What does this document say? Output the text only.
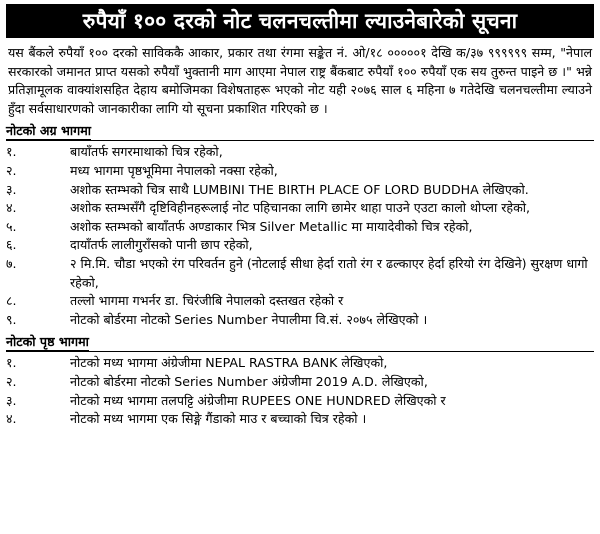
रुपैयाँ १०० दरको नोट चलनचल्तीमा ल्याउनेबारेको सूचना
यस बैंकले रुपैयाँ १०० दरको साविककै आकार, प्रकार तथा रंगमा सङ्केत नं. ओ/१८ ०००००१ देखि क/३७ ९९९९९९ सम्म, "नेपाल सरकारको जमानत प्राप्त यसको रुपैयाँ भुक्तानी माग आएमा नेपाल राष्ट्र बैंकबाट रुपैयाँ १०० रुपैयाँ एक सय तुरुन्त पाइने छ ।" भन्ने प्रतिज्ञामूलक वाक्यांशसहित देहाय बमोजिमका विशेषताहरू भएको नोट यही २०७६ साल ६ महिना ७ गतेदेखि चलनचल्तीमा ल्याउने हुँदा सर्वसाधारणको जानकारीका लागि यो सूचना प्रकाशित गरिएको छ ।
नोटको अग्र भागमा
१.	बायाँतर्फ सगरमाथाको चित्र रहेको,
२.	मध्य भागमा पृष्ठभूमिमा नेपालको नक्सा रहेको,
३.	अशोक स्तम्भको चित्र साथै LUMBINI THE BIRTH PLACE OF LORD BUDDHA लेखिएको.
४.	अशोक स्तम्भसँगै दृष्टिविहीनहरूलाई नोट पहिचानका लागि छामेर थाहा पाउने एउटा कालो थोप्ला रहेको,
५.	अशोक स्तम्भको बायाँतर्फ अण्डाकार भित्र Silver Metallic मा मायादेवीको चित्र रहेको,
६.	दायाँतर्फ लालीगुराँसको पानी छाप रहेको,
७.	२ मि.मि. चौडा भएको रंग परिवर्तन हुने (नोटलाई सीधा हेर्दा रातो रंग र ढल्काएर हेर्दा हरियो रंग देखिने) सुरक्षण धागो रहेको,
८.	तल्लो भागमा गभर्नर डा. चिरंजीबि नेपालको दस्तखत रहेको र
९.	नोटको बोर्डरमा नोटको Series Number नेपालीमा वि.सं. २०७५ लेखिएको ।
नोटको पृष्ठ भागमा
१.	नोटको मध्य भागमा अंग्रेजीमा NEPAL RASTRA BANK लेखिएको,
२.	नोटको बोर्डरमा नोटको Series Number अंग्रेजीमा 2019 A.D. लेखिएको,
३.	नोटको मध्य भागमा तलपट्टि अंग्रेजीमा RUPEES ONE HUNDRED लेखिएको र
४.	नोटको मध्य भागमा एक सिङ्गे गैंडाको माउ र बच्चाको चित्र रहेको ।
